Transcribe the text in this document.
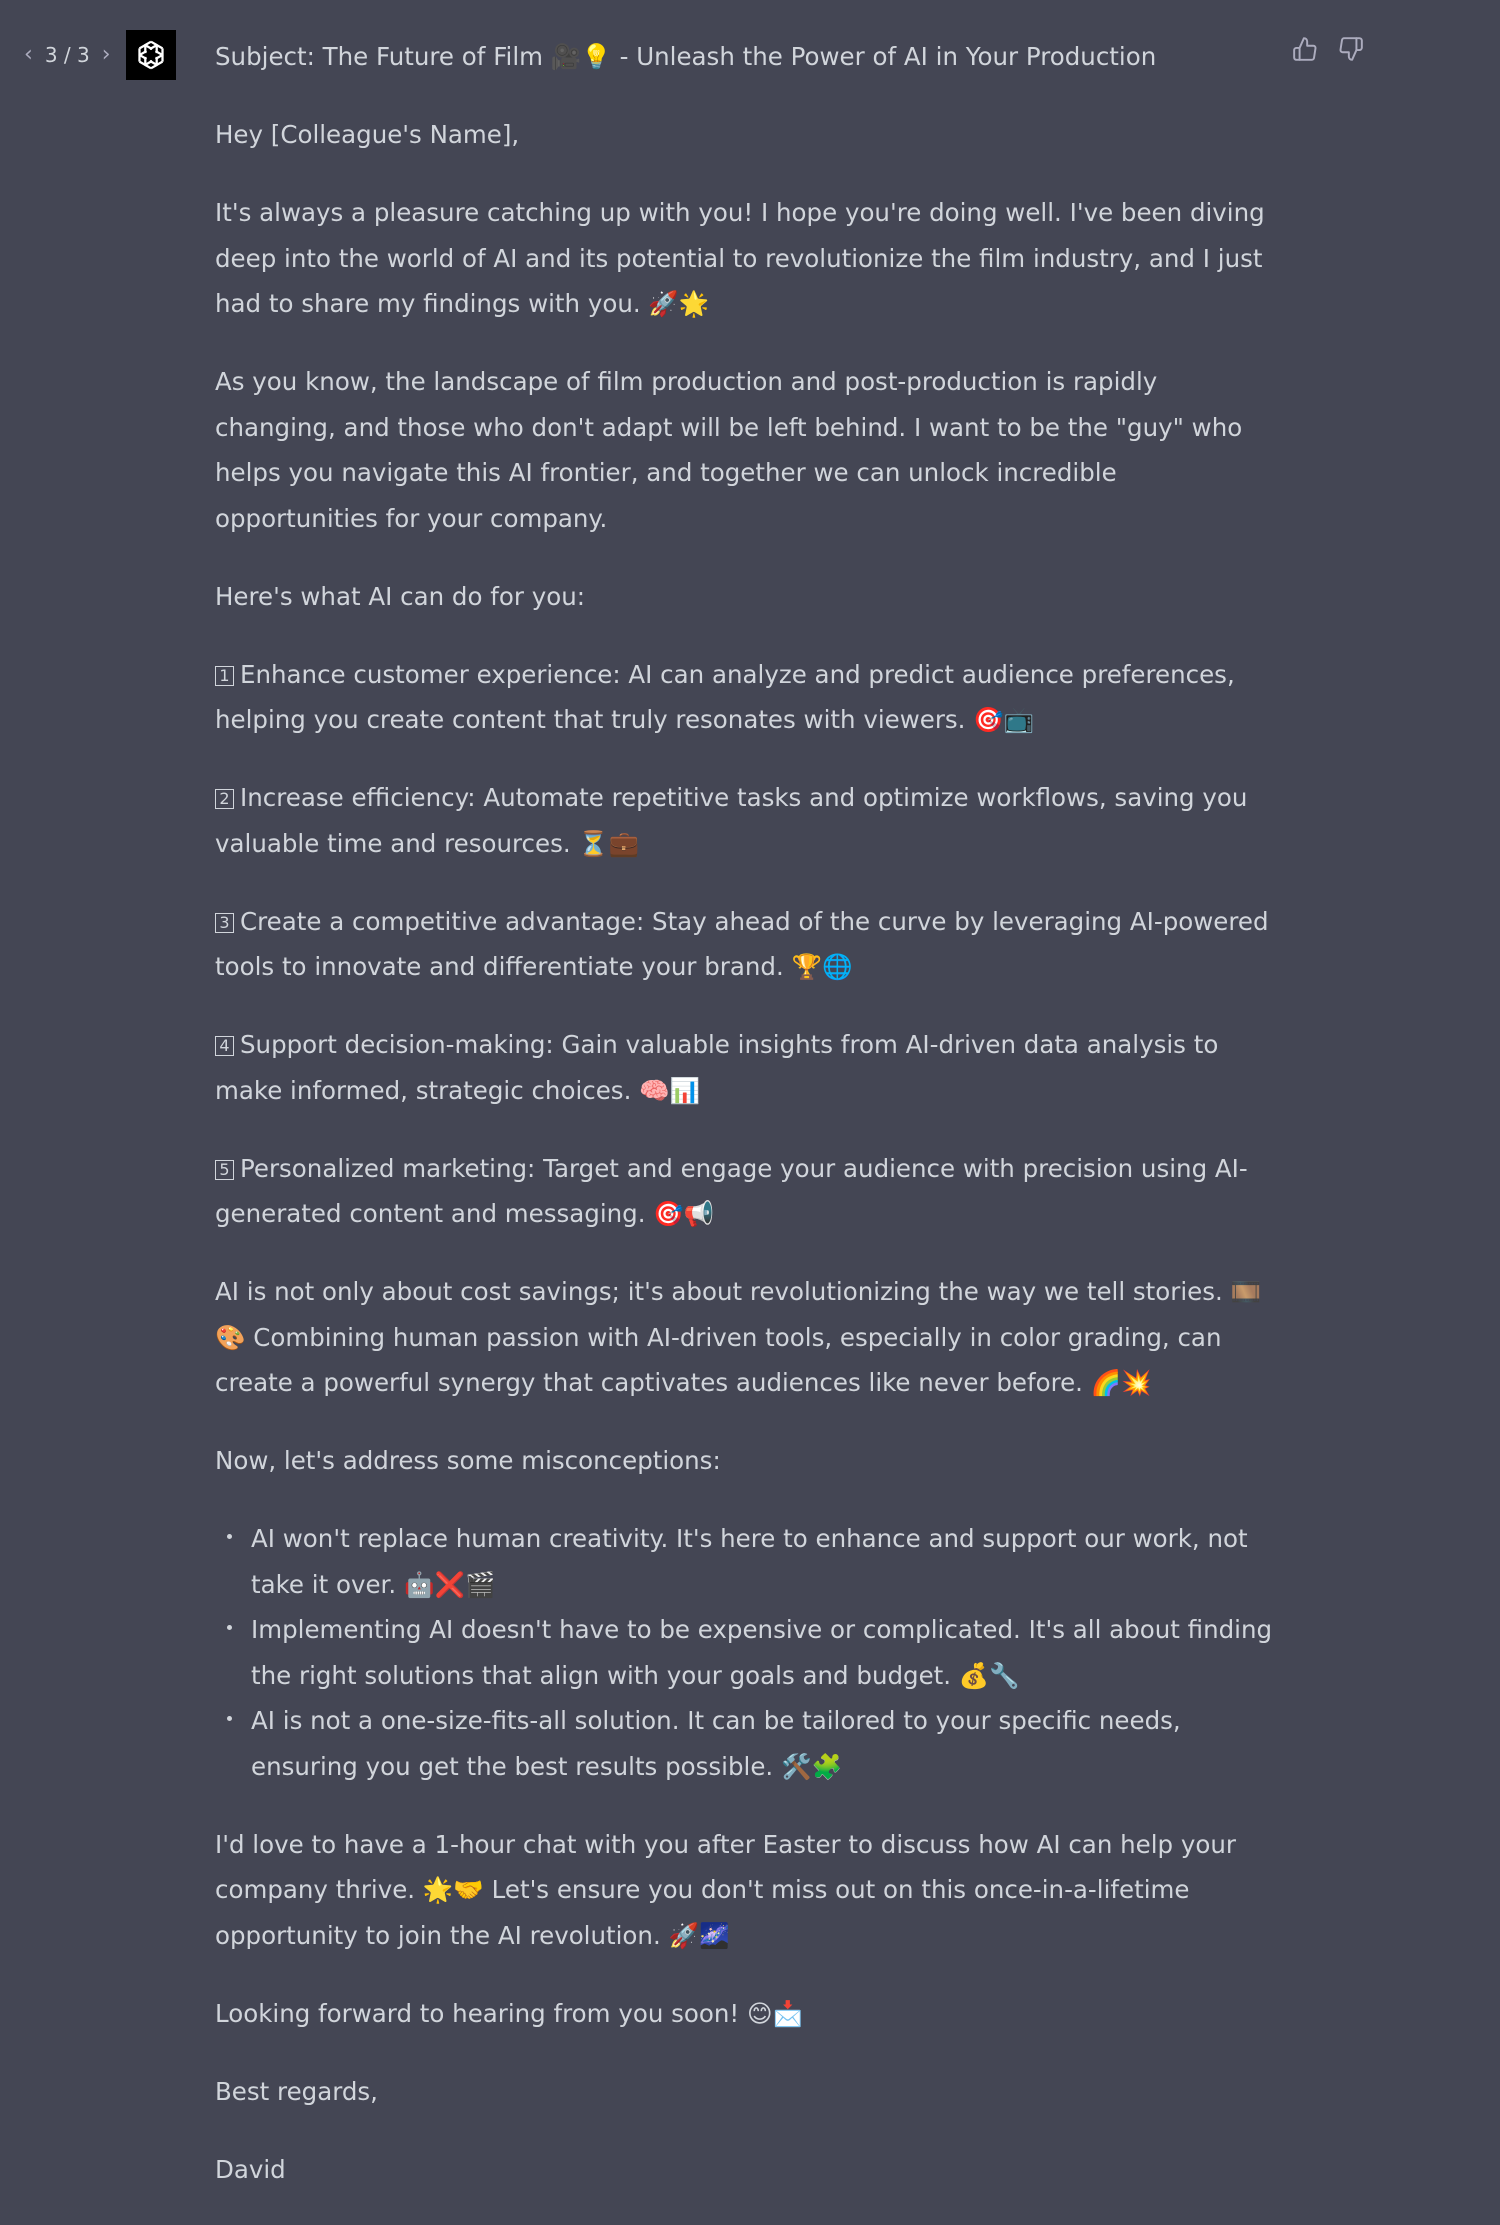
‹ 3 / 3 ›	Subject: The Future of Film 🎥💡 - Unleash the Power of AI in Your Production

Hey [Colleague's Name],

It's always a pleasure catching up with you! I hope you're doing well. I've been diving deep into the world of AI and its potential to revolutionize the film industry, and I just had to share my findings with you. 🚀🌟

As you know, the landscape of film production and post-production is rapidly changing, and those who don't adapt will be left behind. I want to be the "guy" who helps you navigate this AI frontier, and together we can unlock incredible opportunities for your company.

Here's what AI can do for you:

1 Enhance customer experience: AI can analyze and predict audience preferences, helping you create content that truly resonates with viewers. 🎯📺

2 Increase efficiency: Automate repetitive tasks and optimize workflows, saving you valuable time and resources. ⏳💼

3 Create a competitive advantage: Stay ahead of the curve by leveraging AI-powered tools to innovate and differentiate your brand. 🏆🌐

4 Support decision-making: Gain valuable insights from AI-driven data analysis to make informed, strategic choices. 🧠📊

5 Personalized marketing: Target and engage your audience with precision using AI-generated content and messaging. 🎯📢

AI is not only about cost savings; it's about revolutionizing the way we tell stories. 🎞️🎨 Combining human passion with AI-driven tools, especially in color grading, can create a powerful synergy that captivates audiences like never before. 🌈💥

Now, let's address some misconceptions:

AI won't replace human creativity. It's here to enhance and support our work, not take it over. 🤖❌🎬
Implementing AI doesn't have to be expensive or complicated. It's all about finding the right solutions that align with your goals and budget. 💰🔧
AI is not a one-size-fits-all solution. It can be tailored to your specific needs, ensuring you get the best results possible. 🛠️🧩

I'd love to have a 1-hour chat with you after Easter to discuss how AI can help your company thrive. 🌟🤝 Let's ensure you don't miss out on this once-in-a-lifetime opportunity to join the AI revolution. 🚀🌌

Looking forward to hearing from you soon! 😊📩

Best regards,

David
